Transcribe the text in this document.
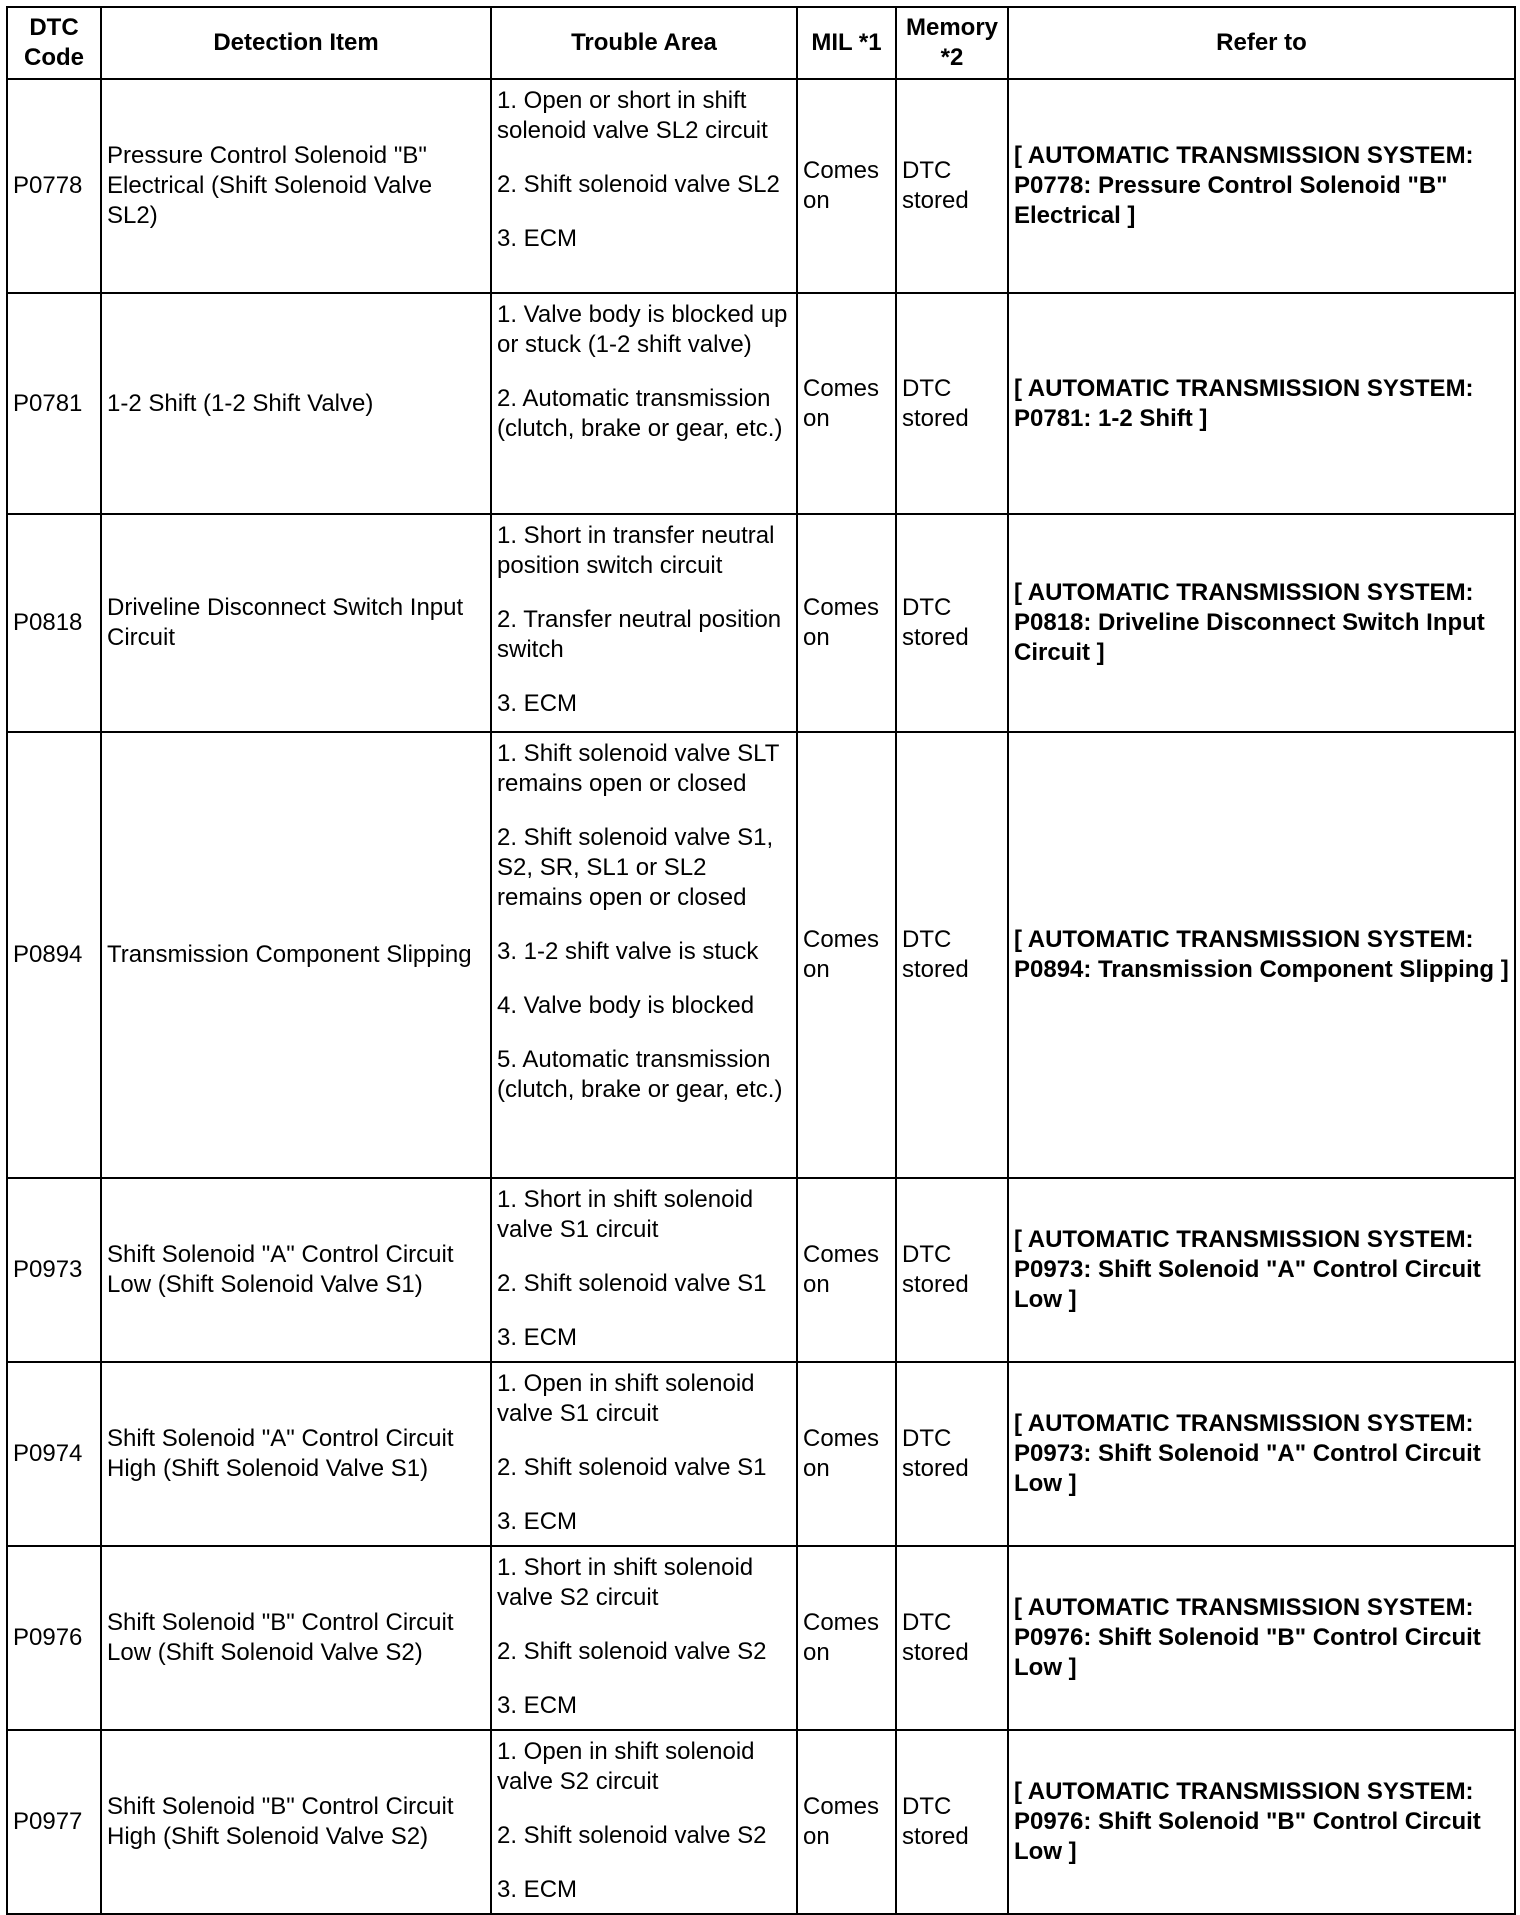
DTC Code	Detection Item	Trouble Area	MIL *1	Memory *2	Refer to
P0778	Pressure Control Solenoid "B" Electrical (Shift Solenoid Valve SL2)	1. Open or short in shift solenoid valve SL2 circuit
2. Shift solenoid valve SL2
3. ECM	Comes on	DTC stored	[ AUTOMATIC TRANSMISSION SYSTEM: P0778: Pressure Control Solenoid "B" Electrical ]
P0781	1-2 Shift (1-2 Shift Valve)	1. Valve body is blocked up or stuck (1-2 shift valve)
2. Automatic transmission (clutch, brake or gear, etc.)	Comes on	DTC stored	[ AUTOMATIC TRANSMISSION SYSTEM: P0781: 1-2 Shift ]
P0818	Driveline Disconnect Switch Input Circuit	1. Short in transfer neutral position switch circuit
2. Transfer neutral position switch
3. ECM	Comes on	DTC stored	[ AUTOMATIC TRANSMISSION SYSTEM: P0818: Driveline Disconnect Switch Input Circuit ]
P0894	Transmission Component Slipping	1. Shift solenoid valve SLT remains open or closed
2. Shift solenoid valve S1, S2, SR, SL1 or SL2 remains open or closed
3. 1-2 shift valve is stuck
4. Valve body is blocked
5. Automatic transmission (clutch, brake or gear, etc.)	Comes on	DTC stored	[ AUTOMATIC TRANSMISSION SYSTEM: P0894: Transmission Component Slipping ]
P0973	Shift Solenoid "A" Control Circuit Low (Shift Solenoid Valve S1)	1. Short in shift solenoid valve S1 circuit
2. Shift solenoid valve S1
3. ECM	Comes on	DTC stored	[ AUTOMATIC TRANSMISSION SYSTEM: P0973: Shift Solenoid "A" Control Circuit Low ]
P0974	Shift Solenoid "A" Control Circuit High (Shift Solenoid Valve S1)	1. Open in shift solenoid valve S1 circuit
2. Shift solenoid valve S1
3. ECM	Comes on	DTC stored	[ AUTOMATIC TRANSMISSION SYSTEM: P0973: Shift Solenoid "A" Control Circuit Low ]
P0976	Shift Solenoid "B" Control Circuit Low (Shift Solenoid Valve S2)	1. Short in shift solenoid valve S2 circuit
2. Shift solenoid valve S2
3. ECM	Comes on	DTC stored	[ AUTOMATIC TRANSMISSION SYSTEM: P0976: Shift Solenoid "B" Control Circuit Low ]
P0977	Shift Solenoid "B" Control Circuit High (Shift Solenoid Valve S2)	1. Open in shift solenoid valve S2 circuit
2. Shift solenoid valve S2
3. ECM	Comes on	DTC stored	[ AUTOMATIC TRANSMISSION SYSTEM: P0976: Shift Solenoid "B" Control Circuit Low ]
